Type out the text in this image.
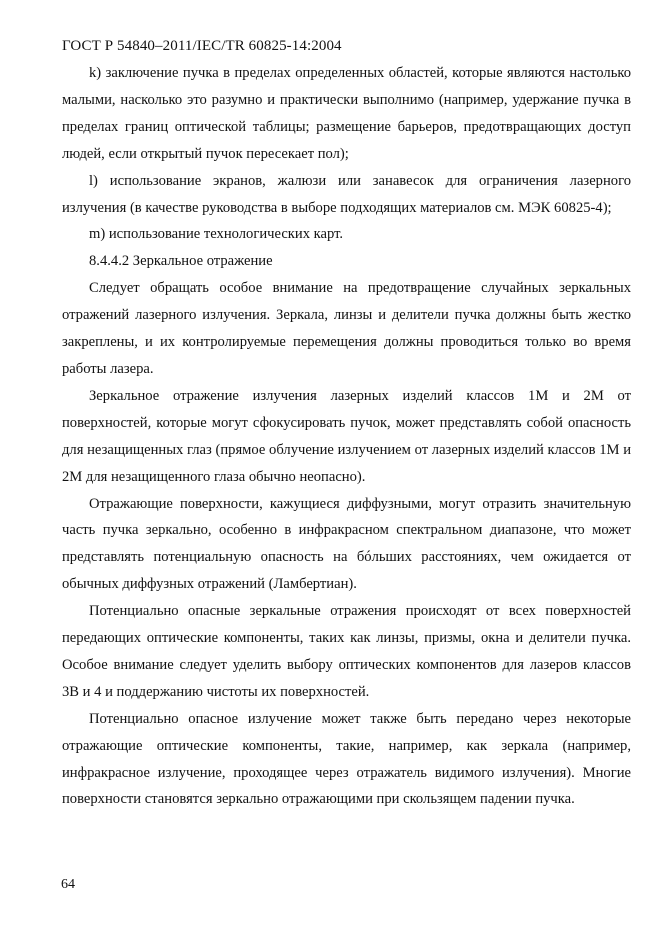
ГОСТ Р 54840–2011/IEC/TR 60825-14:2004

k) заключение пучка в пределах определенных областей, которые являются настолько малыми, насколько это разумно и практически выполнимо (например, удержание пучка в пределах границ оптической таблицы; размещение барьеров, предотвращающих доступ людей, если открытый пучок пересекает пол);

l) использование экранов, жалюзи или занавесок для ограничения лазерного излучения (в качестве руководства в выборе подходящих материалов см. МЭК 60825-4);

m) использование технологических карт.

8.4.4.2 Зеркальное отражение

Следует обращать особое внимание на предотвращение случайных зеркальных отражений лазерного излучения. Зеркала, линзы и делители пучка должны быть жестко закреплены, и их контролируемые перемещения должны проводиться только во время работы лазера.

Зеркальное отражение излучения лазерных изделий классов 1М и 2М от поверхностей, которые могут сфокусировать пучок, может представлять собой опасность для незащищенных глаз (прямое облучение излучением от лазерных изделий классов 1М и 2М для незащищенного глаза обычно неопасно).

Отражающие поверхности, кажущиеся диффузными, могут отразить значительную часть пучка зеркально, особенно в инфракрасном спектральном диапазоне, что может представлять потенциальную опасность на бóльших расстояниях, чем ожидается от обычных диффузных отражений (Ламбертиан).

Потенциально опасные зеркальные отражения происходят от всех поверхностей передающих оптические компоненты, таких как линзы, призмы, окна и делители пучка. Особое внимание следует уделить выбору оптических компонентов для лазеров классов 3В и 4 и поддержанию чистоты их поверхностей.

Потенциально опасное излучение может также быть передано через некоторые отражающие оптические компоненты, такие, например, как зеркала (например, инфракрасное излучение, проходящее через отражатель видимого излучения). Многие поверхности становятся зеркально отражающими при скользящем падении пучка.

64
